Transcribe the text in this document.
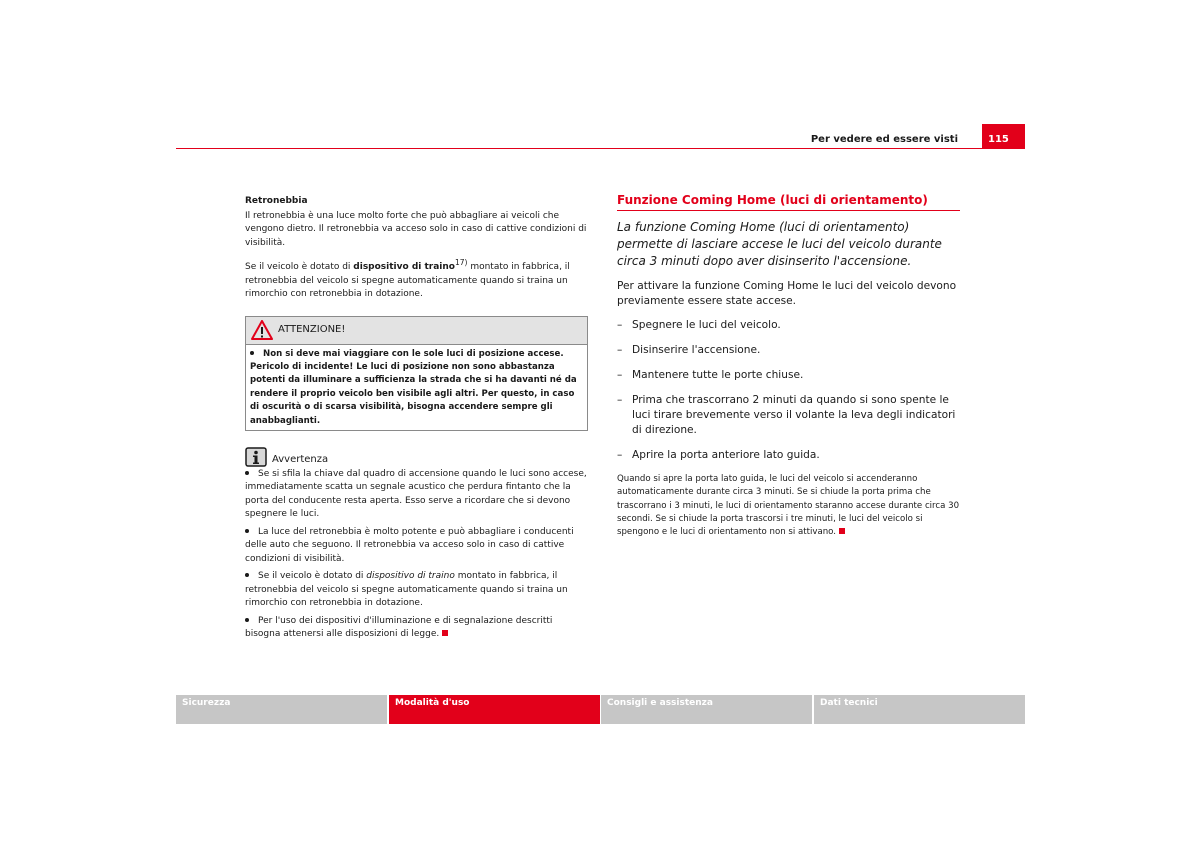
Per vedere ed essere visti	115

Retronebbia

Il retronebbia è una luce molto forte che può abbagliare ai veicoli che vengono dietro. Il retronebbia va acceso solo in caso di cattive condizioni di visibilità.

Se il veicolo è dotato di dispositivo di traino$^{17)}$ montato in fabbrica, il retronebbia del veicolo si spegne automaticamente quando si traina un rimorchio con retronebbia in dotazione.

ATTENZIONE!
Non si deve mai viaggiare con le sole luci di posizione accese. Pericolo di incidente! Le luci di posizione non sono abbastanza potenti da illuminare a sufficienza la strada che si ha davanti né da rendere il proprio veicolo ben visibile agli altri. Per questo, in caso di oscurità o di scarsa visibilità, bisogna accendere sempre gli anabbaglianti.
Avvertenza

Se si sfila la chiave dal quadro di accensione quando le luci sono accese, immediatamente scatta un segnale acustico che perdura fintanto che la porta del conducente resta aperta. Esso serve a ricordare che si devono spegnere le luci.

La luce del retronebbia è molto potente e può abbagliare i conducenti delle auto che seguono. Il retronebbia va acceso solo in caso di cattive condizioni di visibilità.

Se il veicolo è dotato di dispositivo di traino montato in fabbrica, il retronebbia del veicolo si spegne automaticamente quando si traina un rimorchio con retronebbia in dotazione.

Per l'uso dei dispositivi d'illuminazione e di segnalazione descritti bisogna attenersi alle disposizioni di legge.

Funzione Coming Home (luci di orientamento)

La funzione Coming Home (luci di orientamento) permette di lasciare accese le luci del veicolo durante circa 3 minuti dopo aver disinserito l'accensione.

Per attivare la funzione Coming Home le luci del veicolo devono previamente essere state accese.

– Spegnere le luci del veicolo.
– Disinserire l'accensione.
– Mantenere tutte le porte chiuse.
– Prima che trascorrano 2 minuti da quando si sono spente le luci tirare brevemente verso il volante la leva degli indicatori di direzione.
– Aprire la porta anteriore lato guida.

Quando si apre la porta lato guida, le luci del veicolo si accenderanno automaticamente durante circa 3 minuti. Se si chiude la porta prima che trascorrano i 3 minuti, le luci di orientamento staranno accese durante circa 30 secondi. Se si chiude la porta trascorsi i tre minuti, le luci del veicolo si spengono e le luci di orientamento non si attivano.

Sicurezza	Modalità d'uso	Consigli e assistenza	Dati tecnici
